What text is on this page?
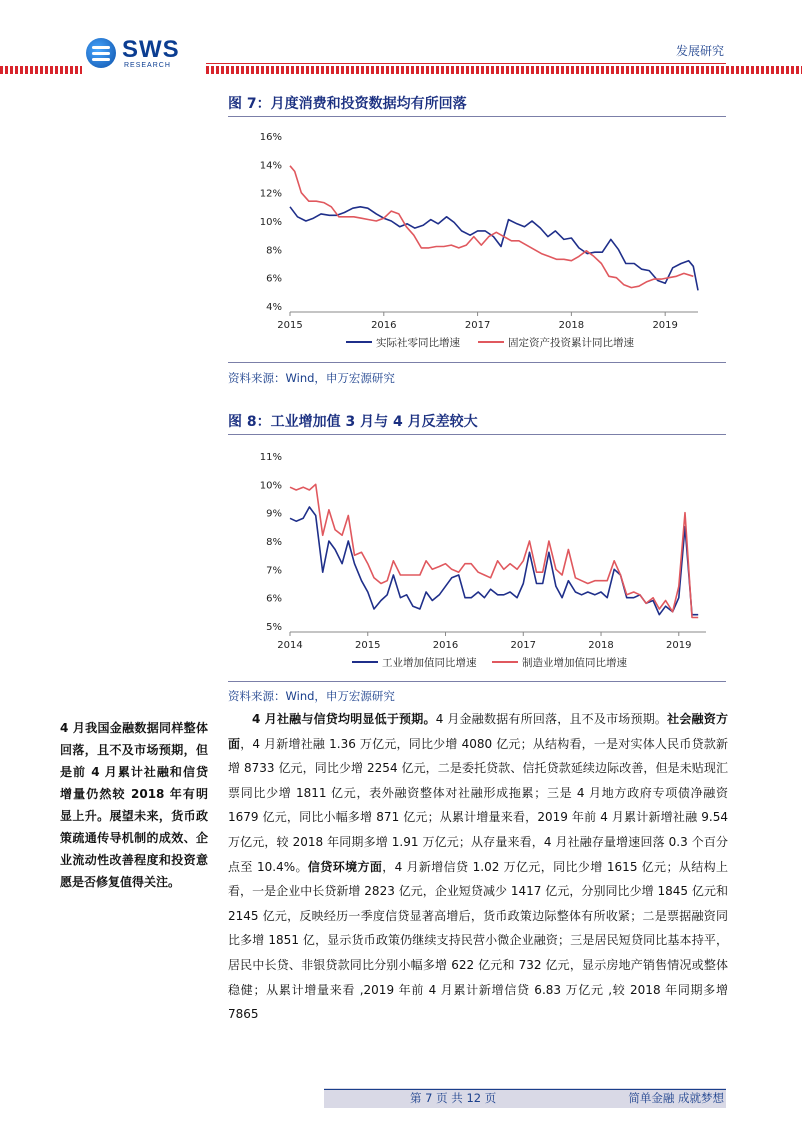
SWS
RESEARCH
发展研究
图 7：月度消费和投资数据均有所回落
4%
6%
8%
10%
12%
14%
16%
2015	2016	2017	2018	2019
实际社零同比增速	固定资产投资累计同比增速
资料来源：Wind，申万宏源研究
图 8：工业增加值 3 月与 4 月反差较大
5%
6%
7%
8%
9%
10%
11%
2014	2015	2016	2017	2018	2019
工业增加值同比增速	制造业增加值同比增速
资料来源：Wind，申万宏源研究
4 月我国金融数据同样整体回落，且不及市场预期，但是前 4 月累计社融和信贷增量仍然较 2018 年有明显上升。展望未来，货币政策疏通传导机制的成效、企业流动性改善程度和投资意愿是否修复值得关注。
4 月社融与信贷均明显低于预期。4 月金融数据有所回落，且不及市场预期。社会融资方面，4 月新增社融 1.36 万亿元，同比少增 4080 亿元；从结构看，一是对实体人民币贷款新增 8733 亿元，同比少增 2254 亿元，二是委托贷款、信托贷款延续边际改善，但是未贴现汇票同比少增 1811 亿元，表外融资整体对社融形成拖累；三是 4 月地方政府专项债净融资 1679 亿元，同比小幅多增 871 亿元；从累计增量来看，2019 年前 4 月累计新增社融 9.54 万亿元，较 2018 年同期多增 1.91 万亿元；从存量来看，4 月社融存量增速回落 0.3 个百分点至 10.4%。信贷环境方面，4 月新增信贷 1.02 万亿元，同比少增 1615 亿元；从结构上看，一是企业中长贷新增 2823 亿元，企业短贷减少 1417 亿元，分别同比少增 1845 亿元和 2145 亿元，反映经历一季度信贷显著高增后，货币政策边际整体有所收紧；二是票据融资同比多增 1851 亿，显示货币政策仍继续支持民营小微企业融资；三是居民短贷同比基本持平，居民中长贷、非银贷款同比分别小幅多增 622 亿元和 732 亿元，显示房地产销售情况或整体稳健；从累计增量来看 ,2019 年前 4 月累计新增信贷 6.83 万亿元 ,较 2018 年同期多增 7865
第 7 页 共 12 页	简单金融 成就梦想
